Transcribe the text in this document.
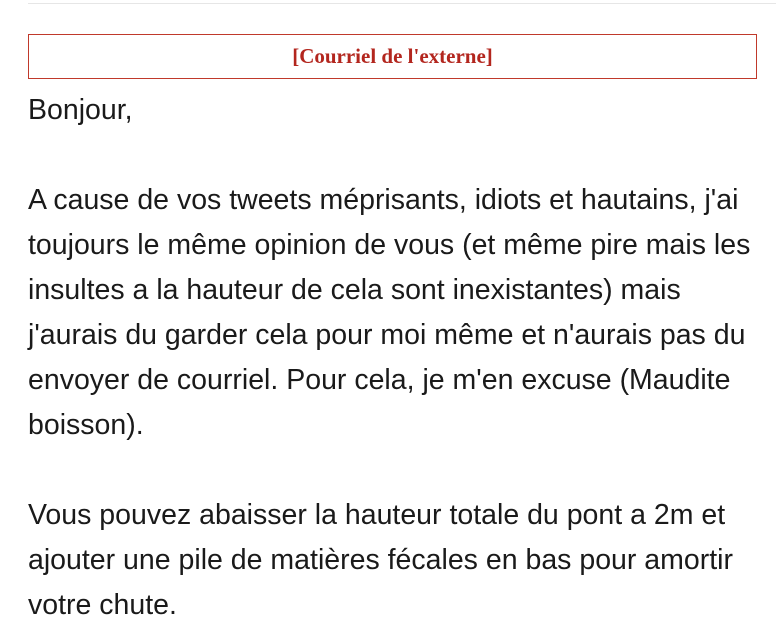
[Courriel de l'externe]

Bonjour,

A cause de vos tweets méprisants, idiots et hautains, j'ai toujours le même opinion de vous (et même pire mais les insultes a la hauteur de cela sont inexistantes) mais j'aurais du garder cela pour moi même et n'aurais pas du envoyer de courriel. Pour cela, je m'en excuse (Maudite boisson).

Vous pouvez abaisser la hauteur totale du pont a 2m et ajouter une pile de matières fécales en bas pour amortir votre chute.
